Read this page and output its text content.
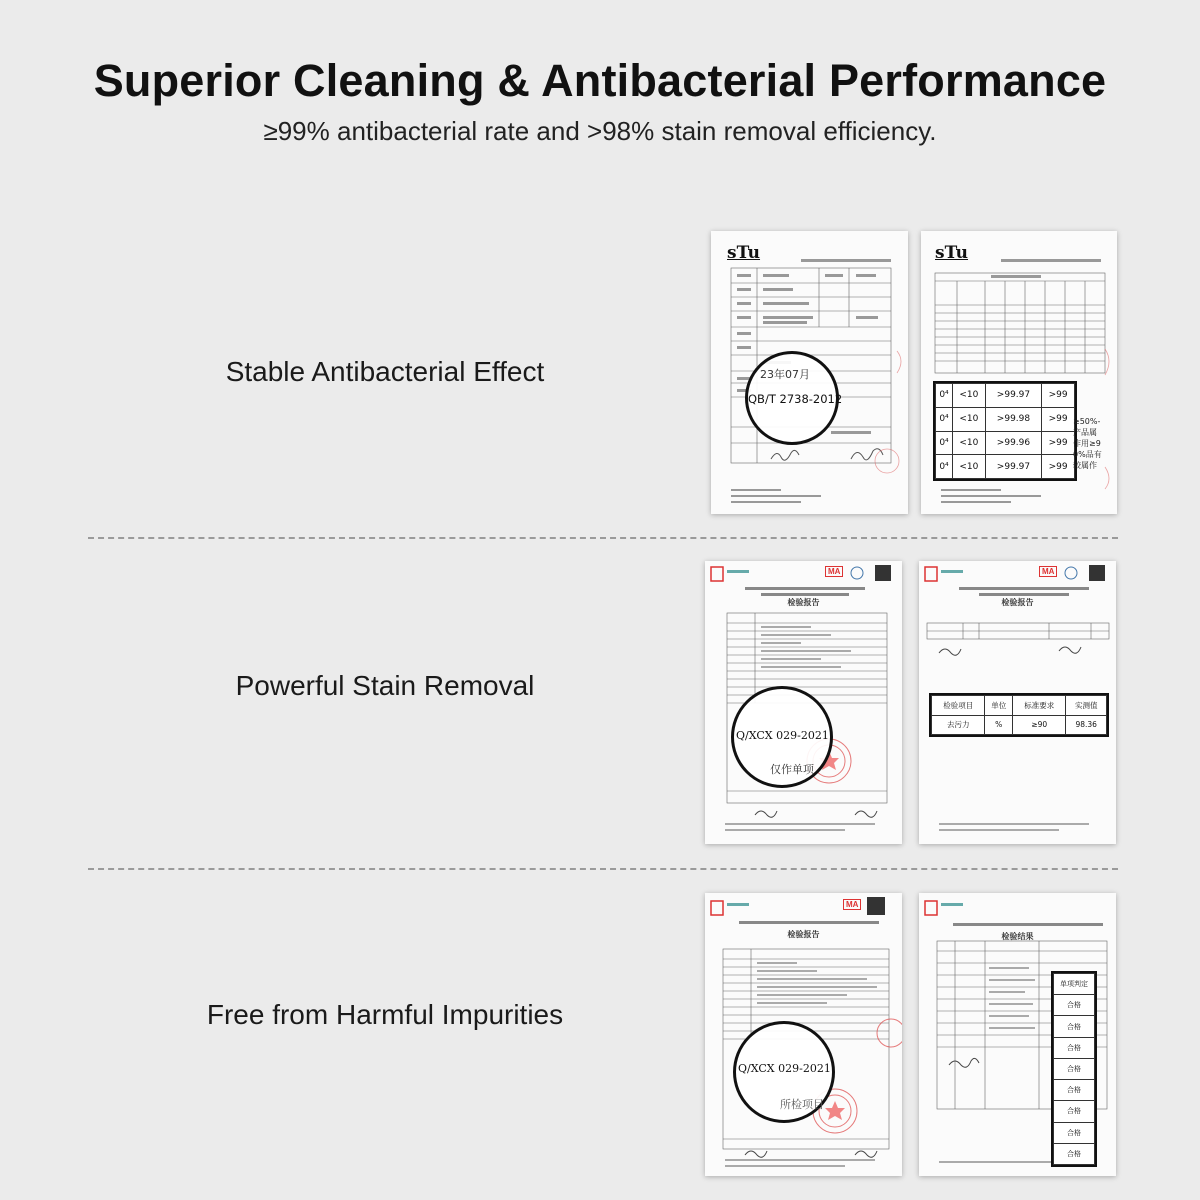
Superior Cleaning & Antibacterial Performance
≥99% antibacterial rate and >98% stain removal efficiency.
Stable Antibacterial Effect
sTu
23年07月
QB/T 2738-2012
sTu
0⁴	<10	>99.97	>99
0⁴	<10	>99.98	>99
0⁴	<10	>99.96	>99
0⁴	<10	>99.97	>99
≥50%-产品属作用≥90%品有较属作
Powerful Stain Removal
MA
检验报告
Q/XCX 029-2021
仅作单项
MA
检验报告
检验项目	单位	标准要求	实测值
去污力	%	≥90	98.36
Free from Harmful Impurities
MA
检验报告
Q/XCX 029-2021
所检项目
检验结果
单项判定
合格
合格
合格
合格
合格
合格
合格
合格
